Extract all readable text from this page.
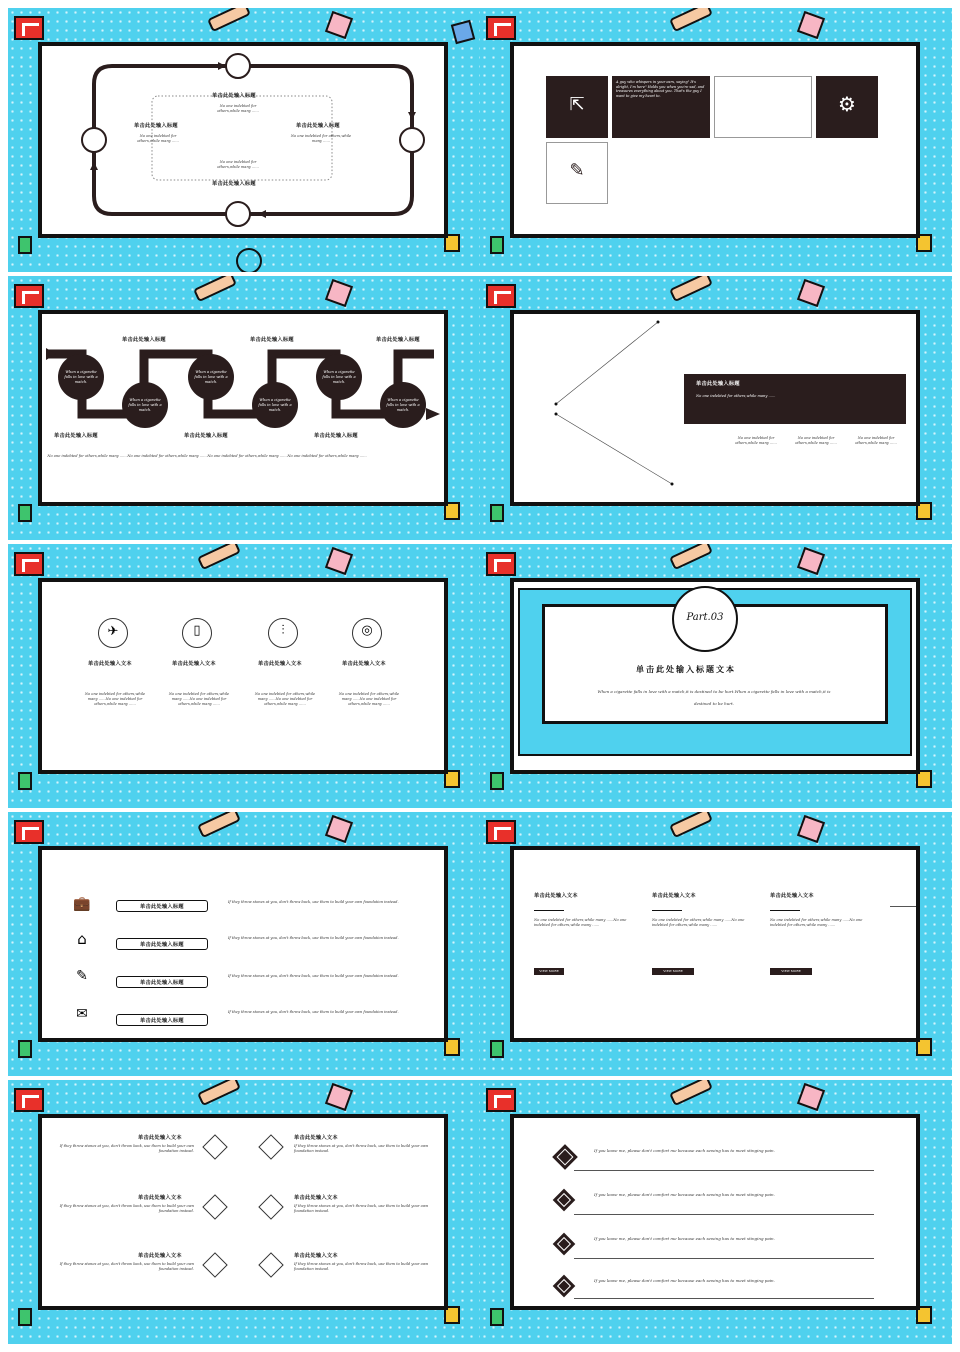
单击此处输入标题
No one indebted for others,while many ......
单击此处输入标题
No one indebted for others,while many ......
单击此处输入标题
No one indebted for others,while many ......
No one indebted for others,while many ......
单击此处输入标题
⇱
A guy who whispers in your ears, saying" It's alright, I'm here" Holds you when you're sad, and treasures everything about you. That's the guy I want to give my heart to.	⚙
✎
When a cigarette falls in love with a match.
When a cigarette falls in love with a match.
When a cigarette falls in love with a match.
When a cigarette falls in love with a match.
When a cigarette falls in love with a match.
When a cigarette falls in love with a match.
单击此处输入标题	单击此处输入标题	单击此处输入标题
单击此处输入标题	单击此处输入标题	单击此处输入标题
No one indebted for others,while many ...... No one indebted for others,while many ...... No one indebted for others,while many ...... No one indebted for others,while many ......
单击此处输入标题
No one indebted for others,while many ......
No one indebted for others,while many ......
No one indebted for others,while many ......
No one indebted for others,while many ......
✈	▯	⫶	◎
单击此处输入文本	单击此处输入文本	单击此处输入文本	单击此处输入文本
No one indebted for others,while many ......No one indebted for others,while many ......
No one indebted for others,while many ......No one indebted for others,while many ......
No one indebted for others,while many ......No one indebted for others,while many ......
No one indebted for others,while many ......No one indebted for others,while many ......
Part.03
单击此处输入标题文本
When a cigarette falls in love with a match,it is destined to be hurt.When a cigarette falls in love with a match,it is destined to be hurt.
💼
⌂
✎
✉
单击此处输入标题
单击此处输入标题
单击此处输入标题
单击此处输入标题
If they throw stones at you, don't throw back, use them to build your own foundation instead.
If they throw stones at you, don't throw back, use them to build your own foundation instead.
If they throw stones at you, don't throw back, use them to build your own foundation instead.
If they throw stones at you, don't throw back, use them to build your own foundation instead.
单击此处输入文本
No one indebted for others,while many ......No one indebted for others,while many ......
VIEW MORE
单击此处输入文本
No one indebted for others,while many ......No one indebted for others,while many ......
VIEW MORE
单击此处输入文本
No one indebted for others,while many ......No one indebted for others,while many ......
VIEW MORE
单击此处输入文本
If they throw stones at you, don't throw back, use them to build your own foundation instead.
单击此处输入文本
If they throw stones at you, don't throw back, use them to build your own foundation instead.
单击此处输入文本
If they throw stones at you, don't throw back, use them to build your own foundation instead.
单击此处输入文本
If they throw stones at you, don't throw back, use them to build your own foundation instead.
单击此处输入文本
If they throw stones at you, don't throw back, use them to build your own foundation instead.
单击此处输入文本
If they throw stones at you, don't throw back, use them to build your own foundation instead.
If you leave me, please don't comfort me because each sewing has to meet stinging pain.
If you leave me, please don't comfort me because each sewing has to meet stinging pain.
If you leave me, please don't comfort me because each sewing has to meet stinging pain.
If you leave me, please don't comfort me because each sewing has to meet stinging pain.
